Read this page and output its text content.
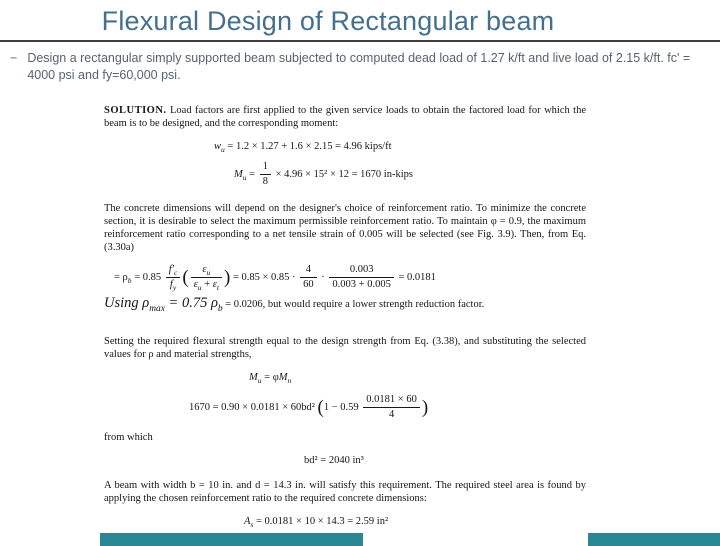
Flexural Design of Rectangular beam
− Design a rectangular simply supported beam subjected to computed dead load of 1.27 k/ft and live load of 2.15 k/ft. fc' = 4000 psi and fy=60,000 psi.

SOLUTION. Load factors are first applied to the given service loads to obtain the factored load for which the beam is to be designed, and the corresponding moment:

$w_u = 1.2 \times 1.27 + 1.6 \times 2.15 = 4.96$ kips/ft
$M_u = \frac{1}{8} \times 4.96 \times 15^2 \times 12 = 1670$ in-kips

The concrete dimensions will depend on the designer's choice of reinforcement ratio. To minimize the concrete section, it is desirable to select the maximum permissible reinforcement ratio. To maintain φ = 0.9, the maximum reinforcement ratio corresponding to a net tensile strain of 0.005 will be selected (see Fig. 3.9). Then, from Eq. (3.30a)

= $\rho_b = 0.85 \frac{f'_c}{f_y}$ ( $\frac{\varepsilon_u}{\varepsilon_u + \varepsilon_t}$ ) = $0.85 \times 0.85 \cdot \frac{4}{60} \cdot \frac{0.003}{0.003 + 0.005} = 0.0181$
Using $\rho_{max} = 0.75$ $\rho_b = 0.0206$, but would require a lower strength reduction factor.

Setting the required flexural strength equal to the design strength from Eq. (3.38), and substituting the selected values for ρ and material strengths,

$M_u = \varphi M_n$
1670 = 0.90 × 0.0181 × 60bd² ($1 - 0.59 \frac{0.0181 \times 60}{4}$ )

from which

bd² = 2040 in³

A beam with width b = 10 in. and d = 14.3 in. will satisfy this requirement. The required steel area is found by applying the chosen reinforcement ratio to the required concrete dimensions:

$A_s = 0.0181 \times 10 \times 14.3 = 2.59$ in²
